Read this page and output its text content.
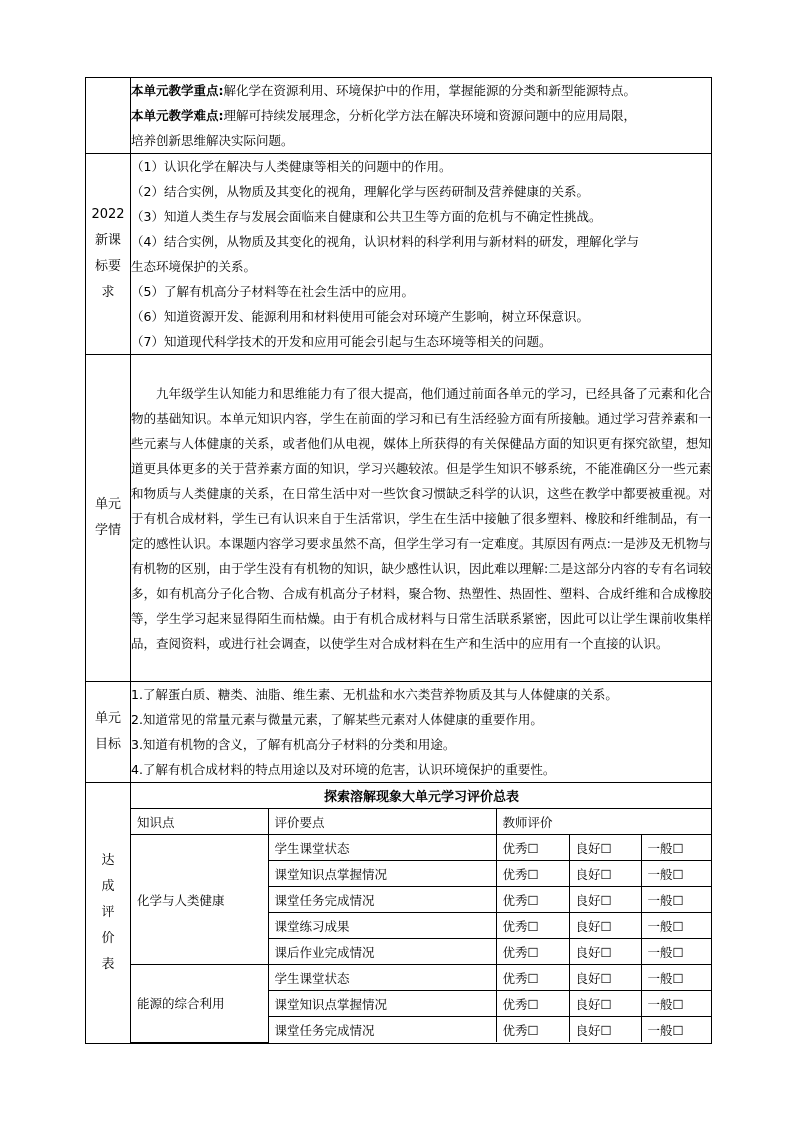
本单元教学重点:解化学在资源利用、环境保护中的作用，掌握能源的分类和新型能源特点。
本单元教学难点:理解可持续发展理念，分析化学方法在解决环境和资源问题中的应用局限，
培养创新思维解决实际问题。

2022
新课
标要
求

（1）认识化学在解决与人类健康等相关的问题中的作用。
（2）结合实例，从物质及其变化的视角，理解化学与医药研制及营养健康的关系。
（3）知道人类生存与发展会面临来自健康和公共卫生等方面的危机与不确定性挑战。
（4）结合实例，从物质及其变化的视角，认识材料的科学利用与新材料的研发，理解化学与
生态环境保护的关系。
（5）了解有机高分子材料等在社会生活中的应用。
（6）知道资源开发、能源利用和材料使用可能会对环境产生影响，树立环保意识。
（7）知道现代科学技术的开发和应用可能会引起与生态环境等相关的问题。

单元
学情

九年级学生认知能力和思维能力有了很大提高，他们通过前面各单元的学习，已经具备了元素和化合物的基础知识。本单元知识内容，学生在前面的学习和已有生活经验方面有所接触。通过学习营养素和一些元素与人体健康的关系，或者他们从电视，媒体上所获得的有关保健品方面的知识更有探究欲望，想知道更具体更多的关于营养素方面的知识，学习兴趣较浓。但是学生知识不够系统，不能准确区分一些元素和物质与人类健康的关系，在日常生活中对一些饮食习惯缺乏科学的认识，这些在教学中都要被重视。对于有机合成材料，学生已有认识来自于生活常识，学生在生活中接触了很多塑料、橡胶和纤维制品，有一定的感性认识。本课题内容学习要求虽然不高，但学生学习有一定难度。其原因有两点:一是涉及无机物与有机物的区别，由于学生没有有机物的知识，缺少感性认识，因此难以理解:二是这部分内容的专有名词较多，如有机高分子化合物、合成有机高分子材料，聚合物、热塑性、热固性、塑料、合成纤维和合成橡胶等，学生学习起来显得陌生而枯燥。由于有机合成材料与日常生活联系紧密，因此可以让学生课前收集样品，查阅资料，或进行社会调查，以使学生对合成材料在生产和生活中的应用有一个直接的认识。

单元
目标

1.了解蛋白质、糖类、油脂、维生素、无机盐和水六类营养物质及其与人体健康的关系。
2.知道常见的常量元素与微量元素，了解某些元素对人体健康的重要作用。
3.知道有机物的含义，了解有机高分子材料的分类和用途。
4.了解有机合成材料的特点用途以及对环境的危害，认识环境保护的重要性。

达
成
评
价
表

探索溶解现象大单元学习评价总表
知识点	评价要点	教师评价
化学与人类健康	学生课堂状态	优秀☐	良好☐	一般☐
课堂知识点掌握情况	优秀☐	良好☐	一般☐
课堂任务完成情况	优秀☐	良好☐	一般☐
课堂练习成果	优秀☐	良好☐	一般☐
课后作业完成情况	优秀☐	良好☐	一般☐
能源的综合利用	学生课堂状态	优秀☐	良好☐	一般☐
课堂知识点掌握情况	优秀☐	良好☐	一般☐
课堂任务完成情况	优秀☐	良好☐	一般☐
